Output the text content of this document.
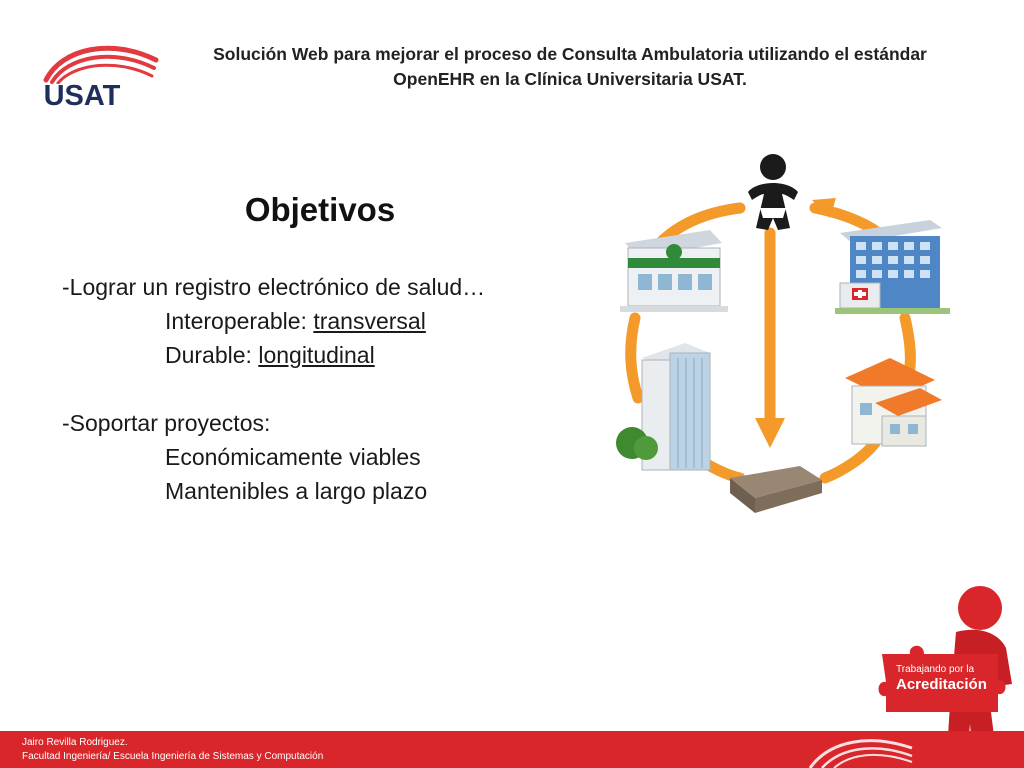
USAT
Solución Web para mejorar el proceso de Consulta Ambulatoria utilizando el estándar
OpenEHR en la Clínica Universitaria USAT.
Objetivos
-Lograr un registro electrónico de salud…
Interoperable: transversal
Durable: longitudinal
-Soportar proyectos:
Económicamente viables
Mantenibles a largo plazo
Trabajando por la
Acreditación
Jairo Revilla Rodriguez.
Facultad Ingeniería/ Escuela Ingeniería de Sistemas y Computación
